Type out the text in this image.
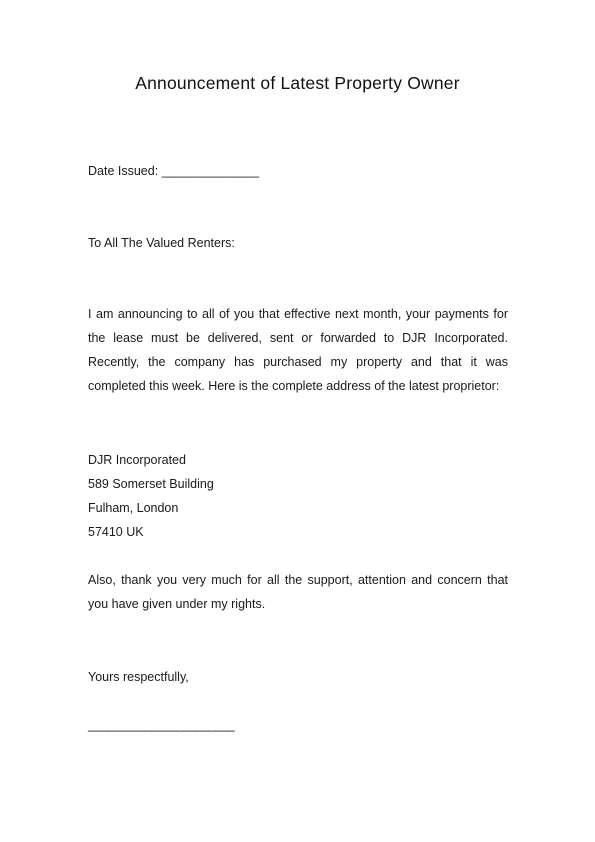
Announcement of Latest Property Owner
Date Issued: ______________
To All The Valued Renters:
I am announcing to all of you that effective next month, your payments for the lease must be delivered, sent or forwarded to DJR Incorporated. Recently, the company has purchased my property and that it was completed this week. Here is the complete address of the latest proprietor:
DJR Incorporated
589 Somerset Building
Fulham, London
57410 UK
Also, thank you very much for all the support, attention and concern that you have given under my rights.
Yours respectfully,
_______________________
